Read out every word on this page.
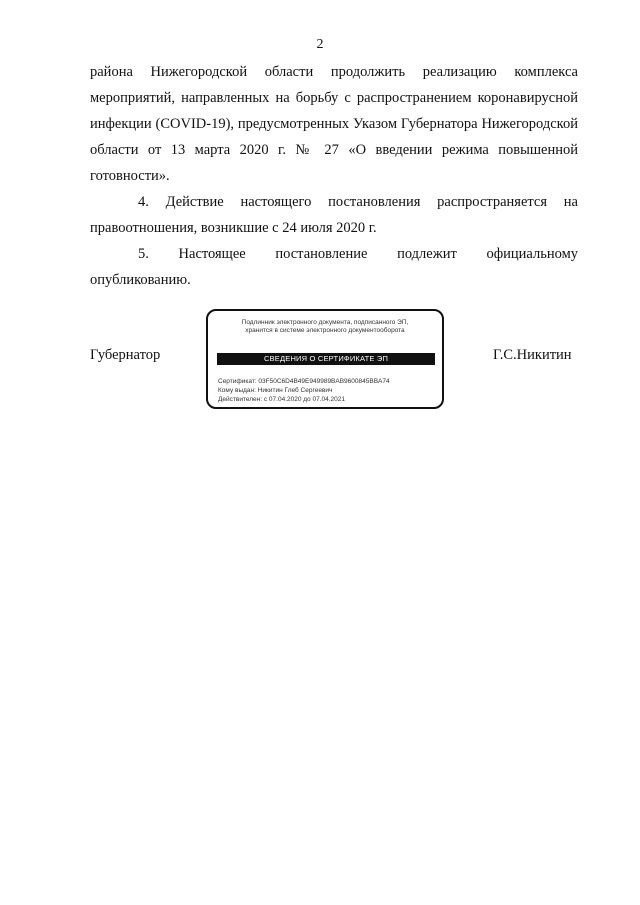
2

района Нижегородской области продолжить реализацию комплекса мероприятий, направленных на борьбу с распространением коронавирусной инфекции (COVID-19), предусмотренных Указом Губернатора Нижегородской области от 13 марта 2020 г. № 27 «О введении режима повышенной готовности».

4. Действие настоящего постановления распространяется на правоотношения, возникшие с 24 июля 2020 г.

5. Настоящее постановление подлежит официальному опубликованию.

Губернатор
Подлинник электронного документа, подписанного ЭП,
хранится в системе электронного документооборота
СВЕДЕНИЯ О СЕРТИФИКАТЕ ЭП
Сертификат: 03F50C6D4B49E949989BAB9600845BBA74
Кому выдан: Никитин Глеб Сергеевич
Действителен: с 07.04.2020 до 07.04.2021
Г.С.Никитин
